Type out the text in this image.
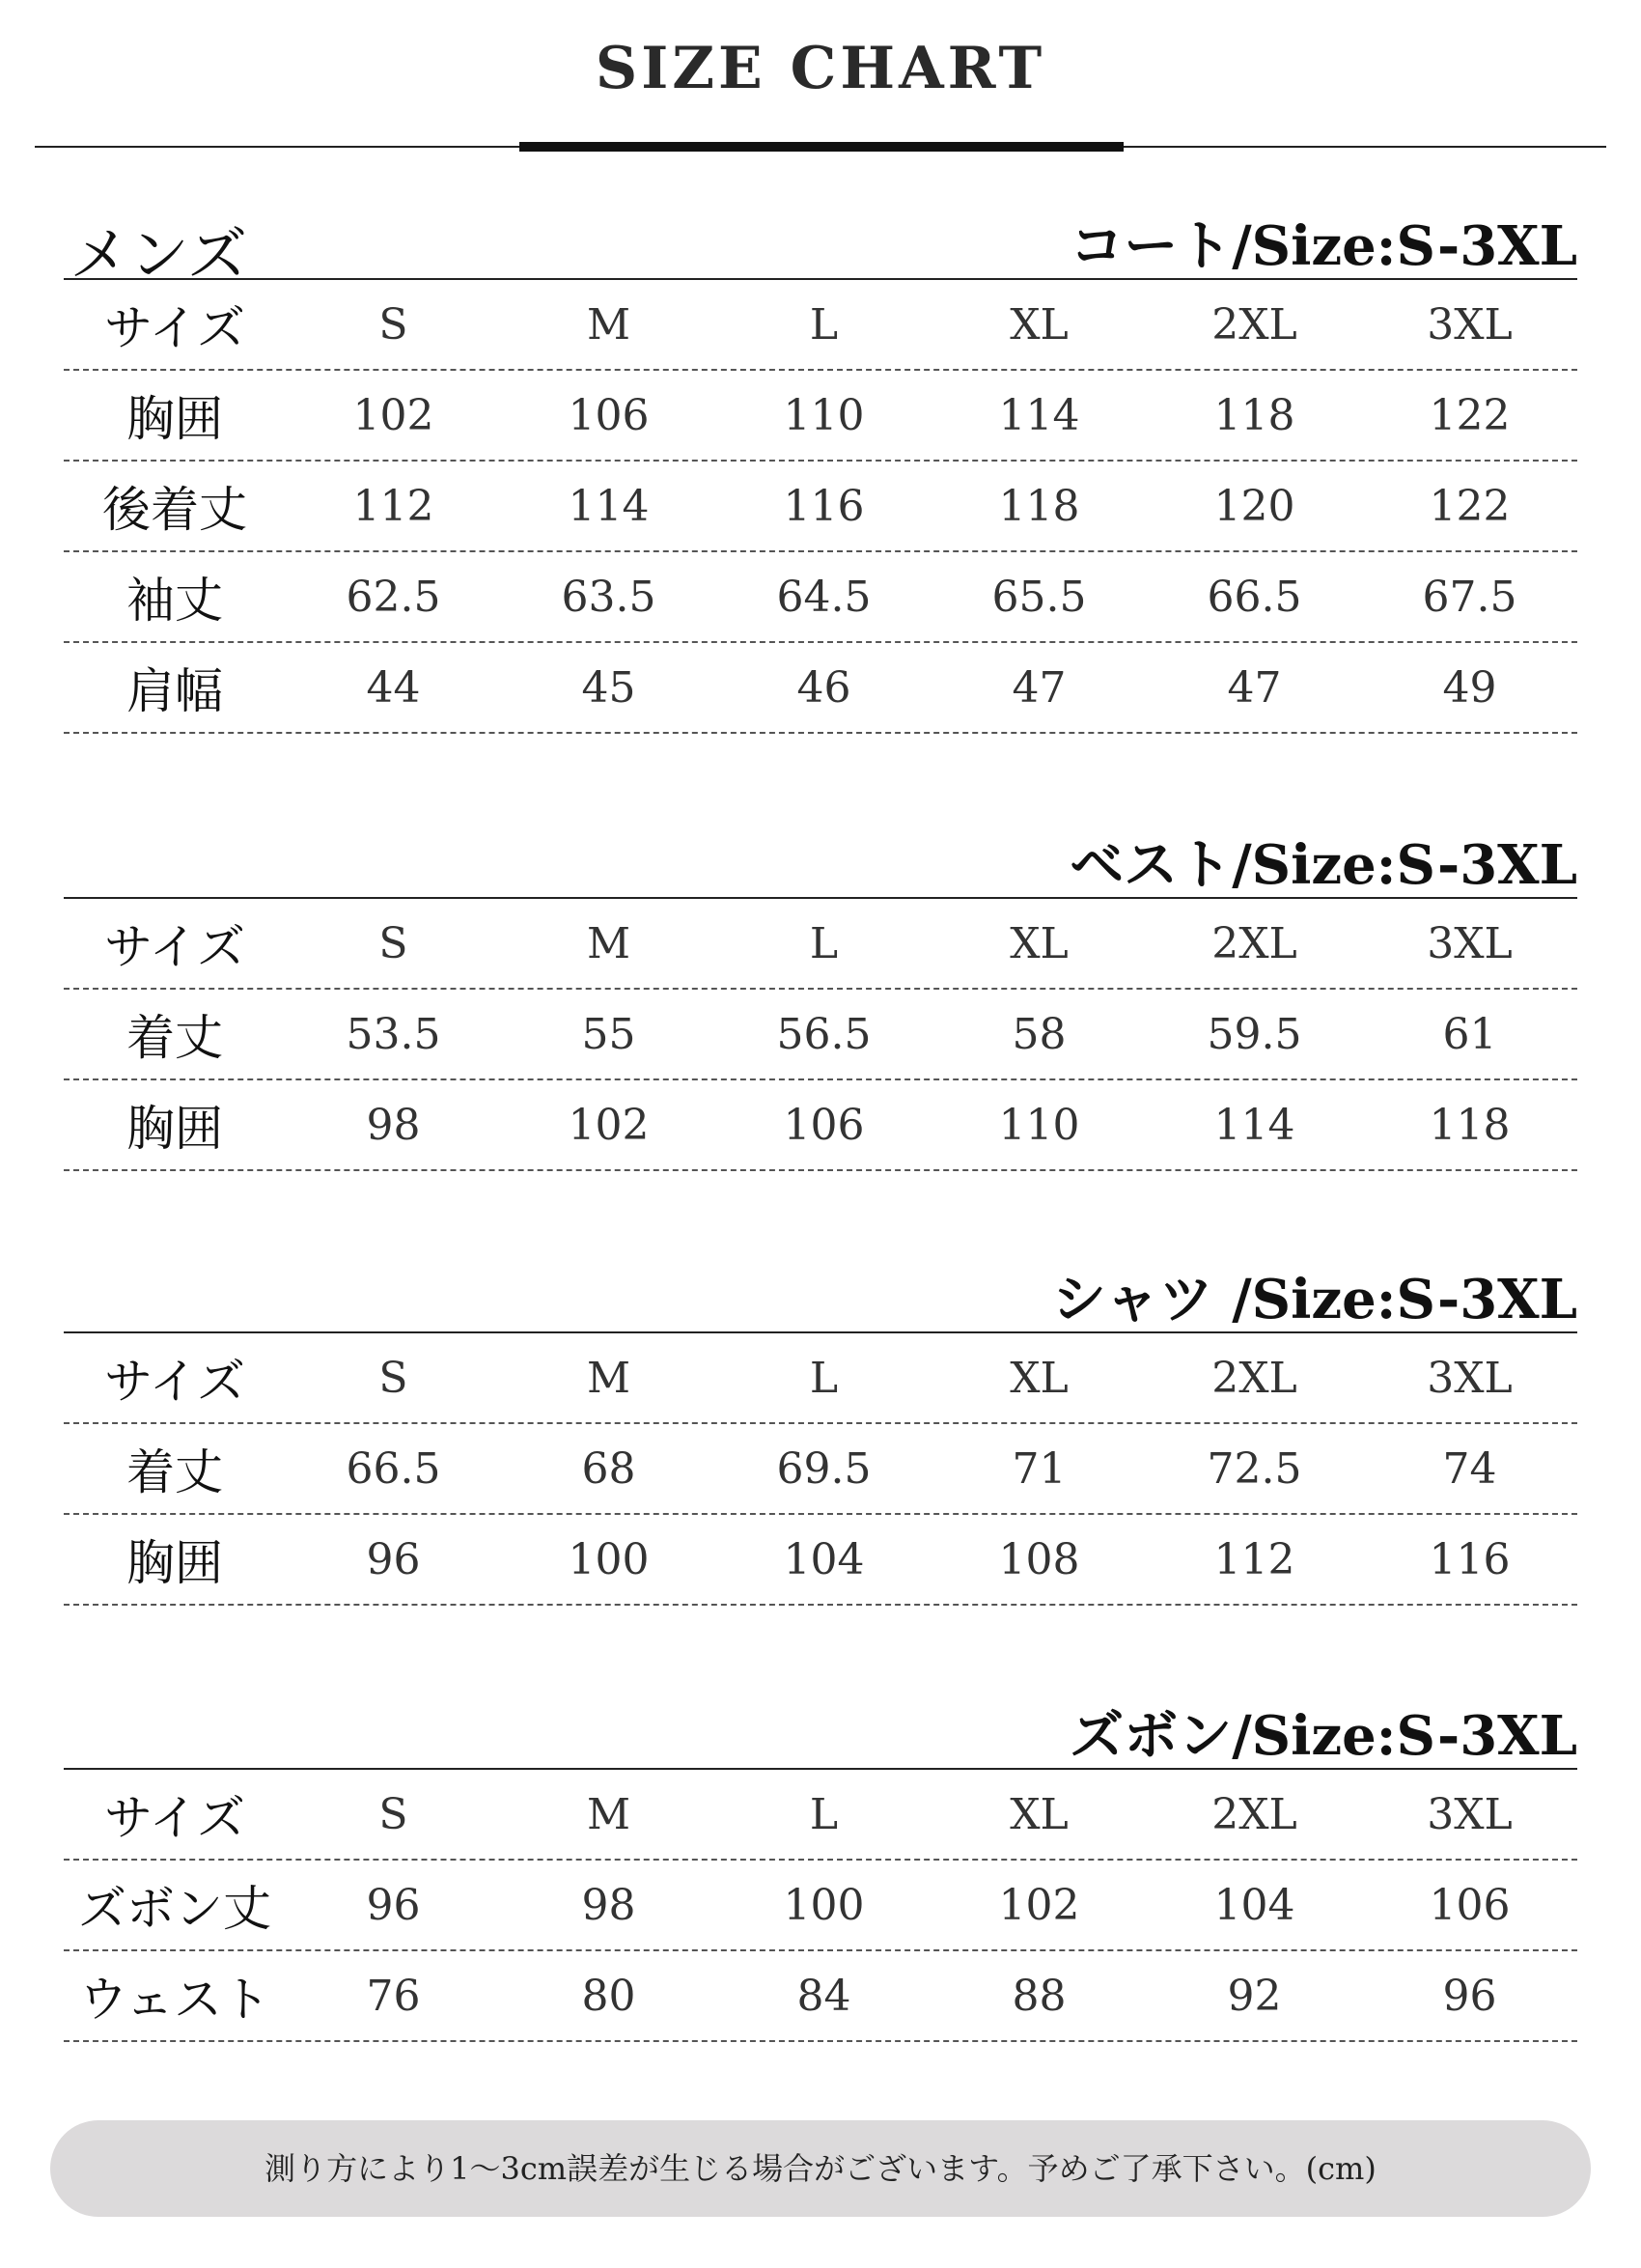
SIZE CHART
メンズ	コート/Size:S-3XL
サイズ	S	M	L	XL	2XL	3XL
胸囲	102	106	110	114	118	122
後着丈	112	114	116	118	120	122
袖丈	62.5	63.5	64.5	65.5	66.5	67.5
肩幅	44	45	46	47	47	49
ベスト/Size:S-3XL
サイズ	S	M	L	XL	2XL	3XL
着丈	53.5	55	56.5	58	59.5	61
胸囲	98	102	106	110	114	118
シャツ /Size:S-3XL
サイズ	S	M	L	XL	2XL	3XL
着丈	66.5	68	69.5	71	72.5	74
胸囲	96	100	104	108	112	116
ズボン/Size:S-3XL
サイズ	S	M	L	XL	2XL	3XL
ズボン丈	96	98	100	102	104	106
ウェスト	76	80	84	88	92	96
測り方により1～3cm誤差が生じる場合がございます。予めご了承下さい。(cm)
